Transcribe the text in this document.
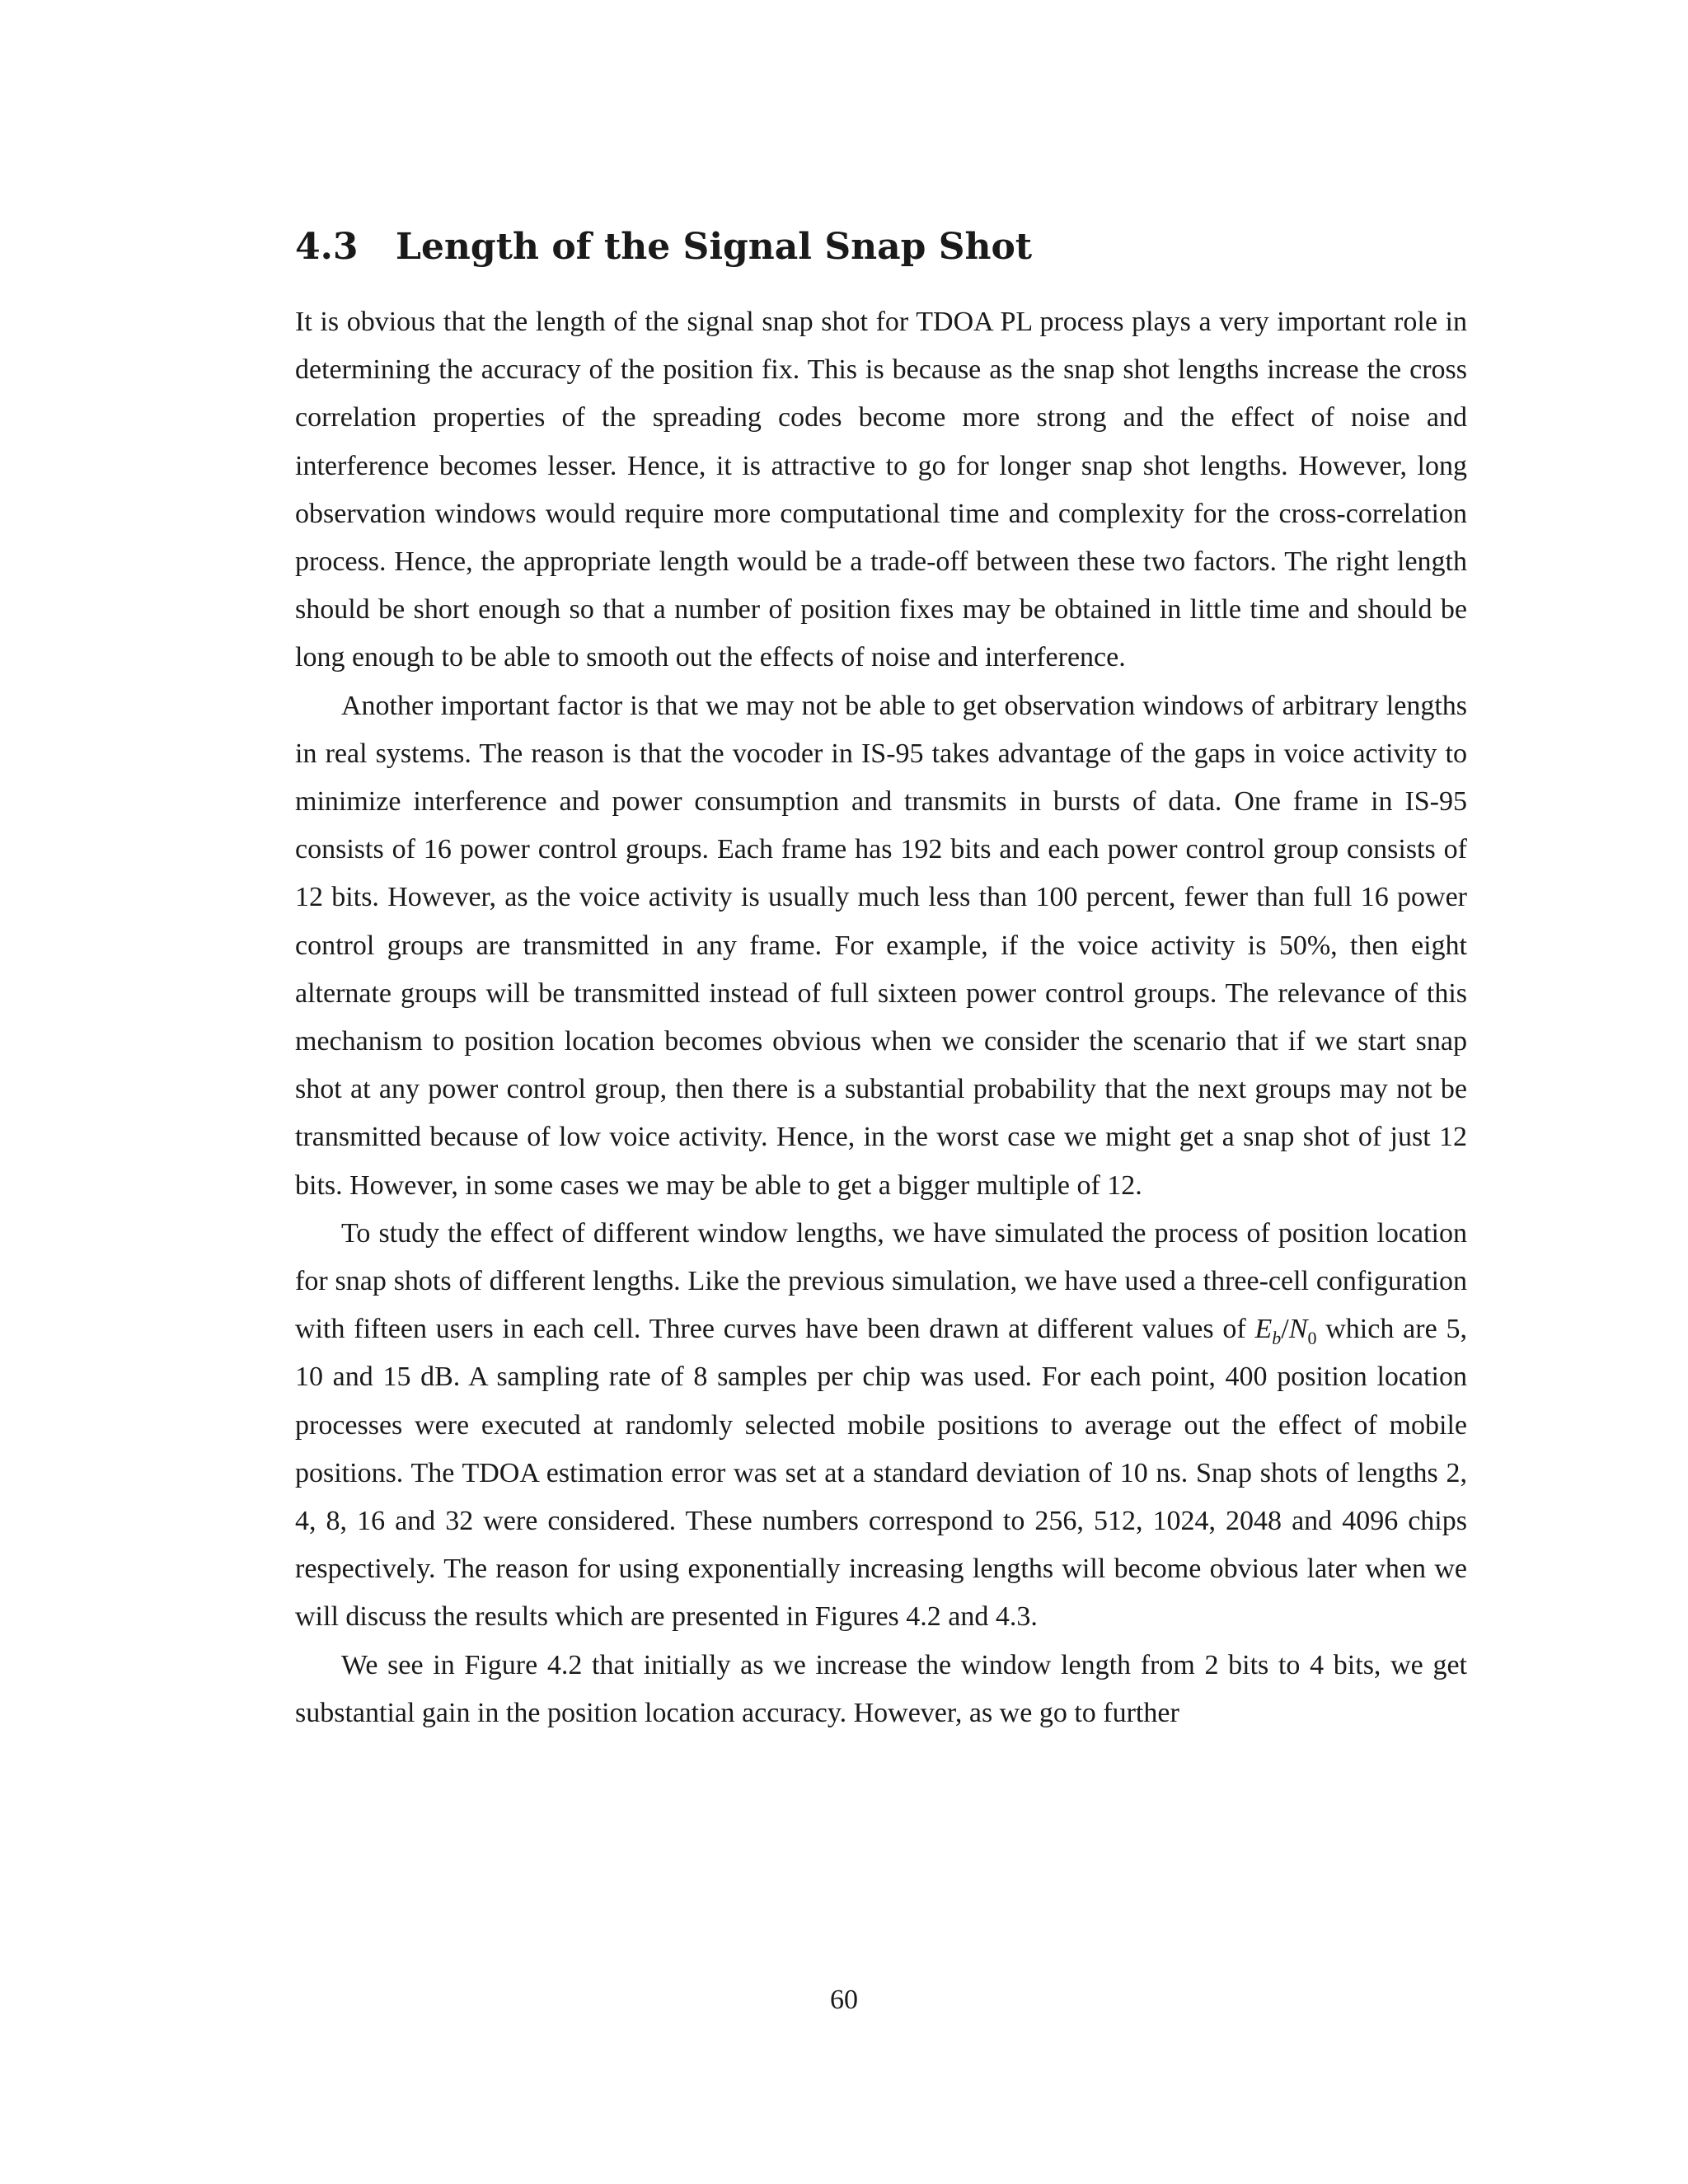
4.3 Length of the Signal Snap Shot

It is obvious that the length of the signal snap shot for TDOA PL process plays a very important role in determining the accuracy of the position fix. This is because as the snap shot lengths increase the cross correlation properties of the spreading codes become more strong and the effect of noise and interference becomes lesser. Hence, it is attractive to go for longer snap shot lengths. However, long observation windows would require more computational time and complexity for the cross-correlation process. Hence, the appropriate length would be a trade-off between these two factors. The right length should be short enough so that a number of position fixes may be obtained in little time and should be long enough to be able to smooth out the effects of noise and interference.

Another important factor is that we may not be able to get observation windows of arbitrary lengths in real systems. The reason is that the vocoder in IS-95 takes advantage of the gaps in voice activity to minimize interference and power consumption and transmits in bursts of data. One frame in IS-95 consists of 16 power control groups. Each frame has 192 bits and each power control group consists of 12 bits. However, as the voice activity is usually much less than 100 percent, fewer than full 16 power control groups are transmitted in any frame. For example, if the voice activity is 50%, then eight alternate groups will be transmitted instead of full sixteen power control groups. The relevance of this mechanism to position location becomes obvious when we consider the scenario that if we start snap shot at any power control group, then there is a substantial probability that the next groups may not be transmitted because of low voice activity. Hence, in the worst case we might get a snap shot of just 12 bits. However, in some cases we may be able to get a bigger multiple of 12.

To study the effect of different window lengths, we have simulated the process of position location for snap shots of different lengths. Like the previous simulation, we have used a three-cell configuration with fifteen users in each cell. Three curves have been drawn at different values of $E_b/N_0$ which are 5, 10 and 15 dB. A sampling rate of 8 samples per chip was used. For each point, 400 position location processes were executed at randomly selected mobile positions to average out the effect of mobile positions. The TDOA estimation error was set at a standard deviation of 10 ns. Snap shots of lengths 2, 4, 8, 16 and 32 were considered. These numbers correspond to 256, 512, 1024, 2048 and 4096 chips respectively. The reason for using exponentially increasing lengths will become obvious later when we will discuss the results which are presented in Figures 4.2 and 4.3.

We see in Figure 4.2 that initially as we increase the window length from 2 bits to 4 bits, we get substantial gain in the position location accuracy. However, as we go to further

60
